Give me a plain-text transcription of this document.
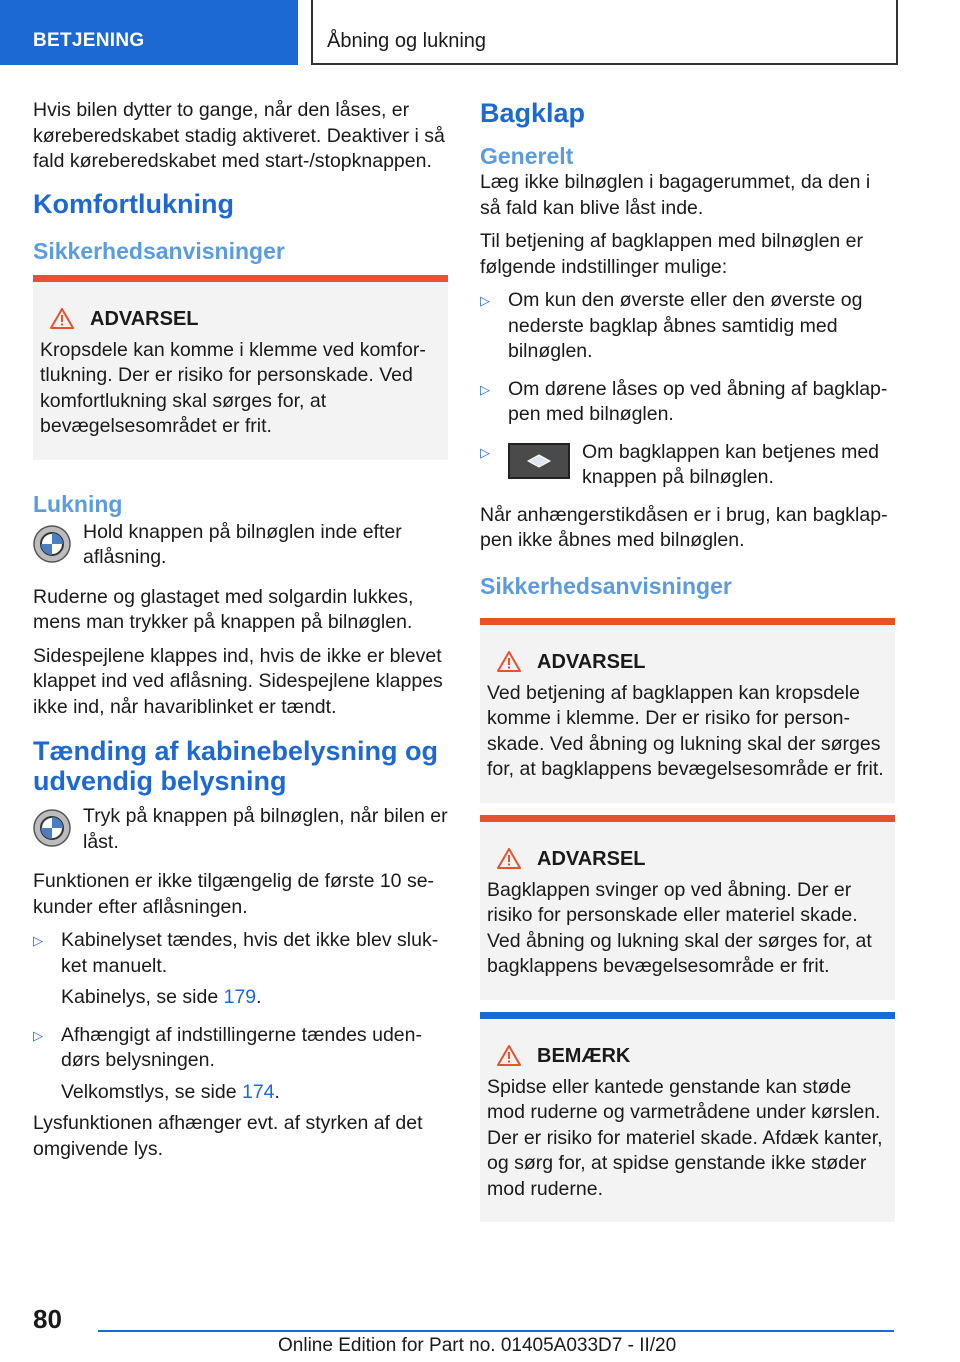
BETJENING	Åbning og lukning

Hvis bilen dytter to gange, når den låses, er køreberedskabet stadig aktiveret. Deaktiver i så fald køreberedskabet med start-/stopknappen.

Komfortlukning
Sikkerhedsanvisninger
ADVARSEL

Kropsdele kan komme i klemme ved komfortlukning. Der er risiko for personskade. Ved komfortlukning skal sørges for, at bevægelsesområdet er frit.

Lukning

Hold knappen på bilnøglen inde efter aflåsning.

Ruderne og glastaget med solgardin lukkes, mens man trykker på knappen på bilnøglen.

Sidespejlene klappes ind, hvis de ikke er blevet klappet ind ved aflåsning. Sidespejlene klappes ikke ind, når havariblinket er tændt.

Tænding af kabinebelysning og udvendig belysning

Tryk på knappen på bilnøglen, når bilen er låst.

Funktionen er ikke tilgængelig de første 10 sekunder efter aflåsningen.

▷ Kabinelyset tændes, hvis det ikke blev slukket manuelt.

Kabinelys, se side 179.

▷ Afhængigt af indstillingerne tændes udendørs belysningen.

Velkomstlys, se side 174.

Lysfunktionen afhænger evt. af styrken af det omgivende lys.

Bagklap
Generelt

Læg ikke bilnøglen i bagagerummet, da den i så fald kan blive låst inde.

Til betjening af bagklappen med bilnøglen er følgende indstillinger mulige:

▷ Om kun den øverste eller den øverste og nederste bagklap åbnes samtidig med bilnøglen.

▷ Om dørene låses op ved åbning af bagklappen med bilnøglen.

▷	Om bagklappen kan betjenes med knappen på bilnøglen.

Når anhængerstikdåsen er i brug, kan bagklappen ikke åbnes med bilnøglen.

Sikkerhedsanvisninger
ADVARSEL

Ved betjening af bagklappen kan kropsdele komme i klemme. Der er risiko for personskade. Ved åbning og lukning skal der sørges for, at bagklappens bevægelsesområde er frit.

ADVARSEL

Bagklappen svinger op ved åbning. Der er risiko for personskade eller materiel skade. Ved åbning og lukning skal der sørges for, at bagklappens bevægelsesområde er frit.

BEMÆRK

Spidse eller kantede genstande kan støde mod ruderne og varmetrådene under kørslen. Der er risiko for materiel skade. Afdæk kanter, og sørg for, at spidse genstande ikke støder mod ruderne.

80
Online Edition for Part no. 01405A033D7 - II/20
